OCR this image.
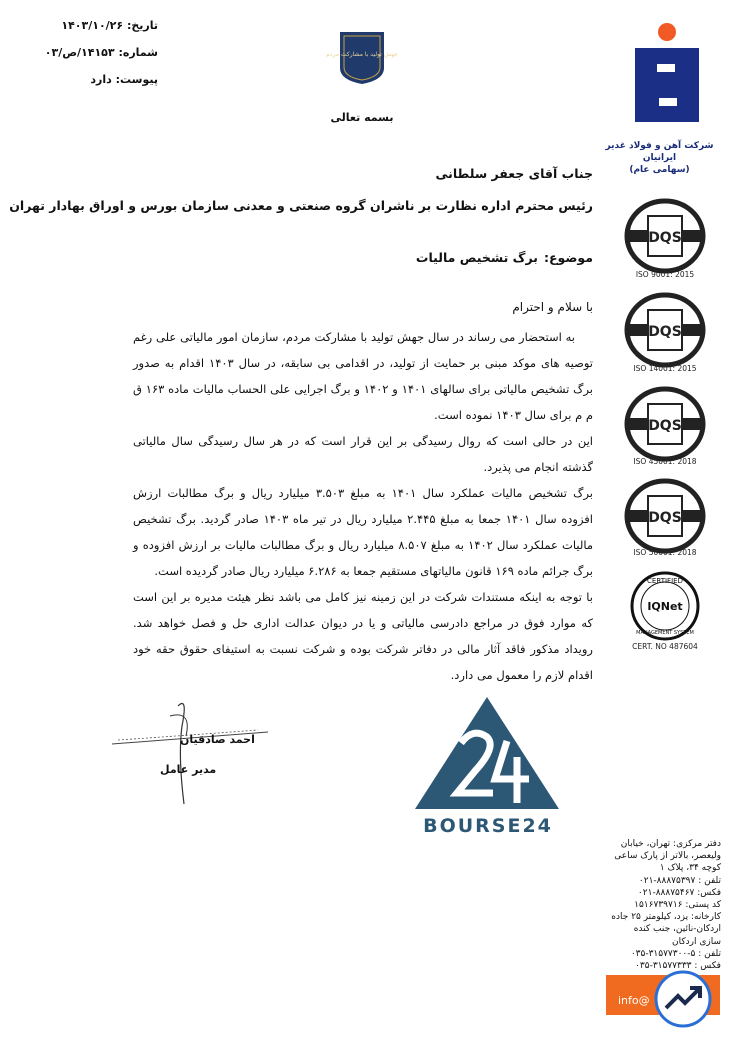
تاریخ: ۱۴۰۳/۱۰/۲۶
شماره: ۱۴۱۵۳/ص/۰۳
پیوست: دارد
جهش تولید با مشارکت مردم
بسمه تعالی
شرکت آهن و فولاد غدیر ایرانیان
(سهامی عام)
DQS
ISO 9001: 2015
DQS
ISO 14001: 2015
DQS
ISO 45001: 2018
DQS
ISO 50001: 2018
CERTIFIED
IQNet
MANAGEMENT SYSTEM
CERT. NO 487604
جناب آقای جعفر سلطانی
رئیس محترم اداره نظارت بر ناشران گروه صنعتی و معدنی سازمان بورس و اوراق بهادار تهران
موضوع:برگ تشخیص مالیات
با سلام و احترام

به استحضار می رساند در سال جهش تولید با مشارکت مردم، سازمان امور مالیاتی علی رغم توصیه های موکد مبنی بر حمایت از تولید، در اقدامی بی سابقه، در سال ۱۴۰۳ اقدام به صدور برگ تشخیص مالیاتی برای سالهای ۱۴۰۱ و ۱۴۰۲ و برگ اجرایی علی الحساب مالیات ماده ۱۶۳ ق م م برای سال ۱۴۰۳ نموده است.

این در حالی است که روال رسیدگی بر این قرار است که در هر سال رسیدگی سال مالیاتی گذشته انجام می پذیرد.

برگ تشخیص مالیات عملکرد سال ۱۴۰۱ به مبلغ ۳.۵۰۳ میلیارد ریال و برگ مطالبات ارزش افزوده سال ۱۴۰۱ جمعا به مبلغ ۲.۴۴۵ میلیارد ریال در تیر ماه ۱۴۰۳ صادر گردید. برگ تشخیص مالیات عملکرد سال ۱۴۰۲ به مبلغ ۸.۵۰۷ میلیارد ریال و برگ مطالبات مالیات بر ارزش افزوده و برگ جرائم ماده ۱۶۹ قانون مالیاتهای مستقیم جمعا به ۶.۲۸۶ میلیارد ریال صادر گردیده است.

با توجه به اینکه مستندات شرکت در این زمینه نیز کامل می باشد نظر هیئت مدیره بر این است که موارد فوق در مراجع دادرسی مالیاتی و یا در دیوان عدالت اداری حل و فصل خواهد شد. رویداد مذکور فاقد آثار مالی در دفاتر شرکت بوده و شرکت نسبت به استیفای حقوق حقه خود اقدام لازم را معمول می دارد.

احمد صادقیان
مدیر عامل
BOURSE24
دفتر مرکزی: تهران، خیابان
ولیعصر، بالاتر از پارک ساعی
کوچه ۳۴، پلاک ۱
تلفن : ۸۸۸۷۵۳۹۷-۰۲۱
فکس: ۸۸۸۷۵۴۶۷-۰۲۱
کد پستی: ۱۵۱۶۷۳۹۷۱۶
کارخانه: یزد، کیلومتر ۲۵ جاده
اردکان-نائین، جنب کنده
سازی اردکان
تلفن : ۵-۳۱۵۷۷۳۰۰-۰۳۵
فکس : ۳۱۵۷۷۳۳۳-۰۳۵
info@
